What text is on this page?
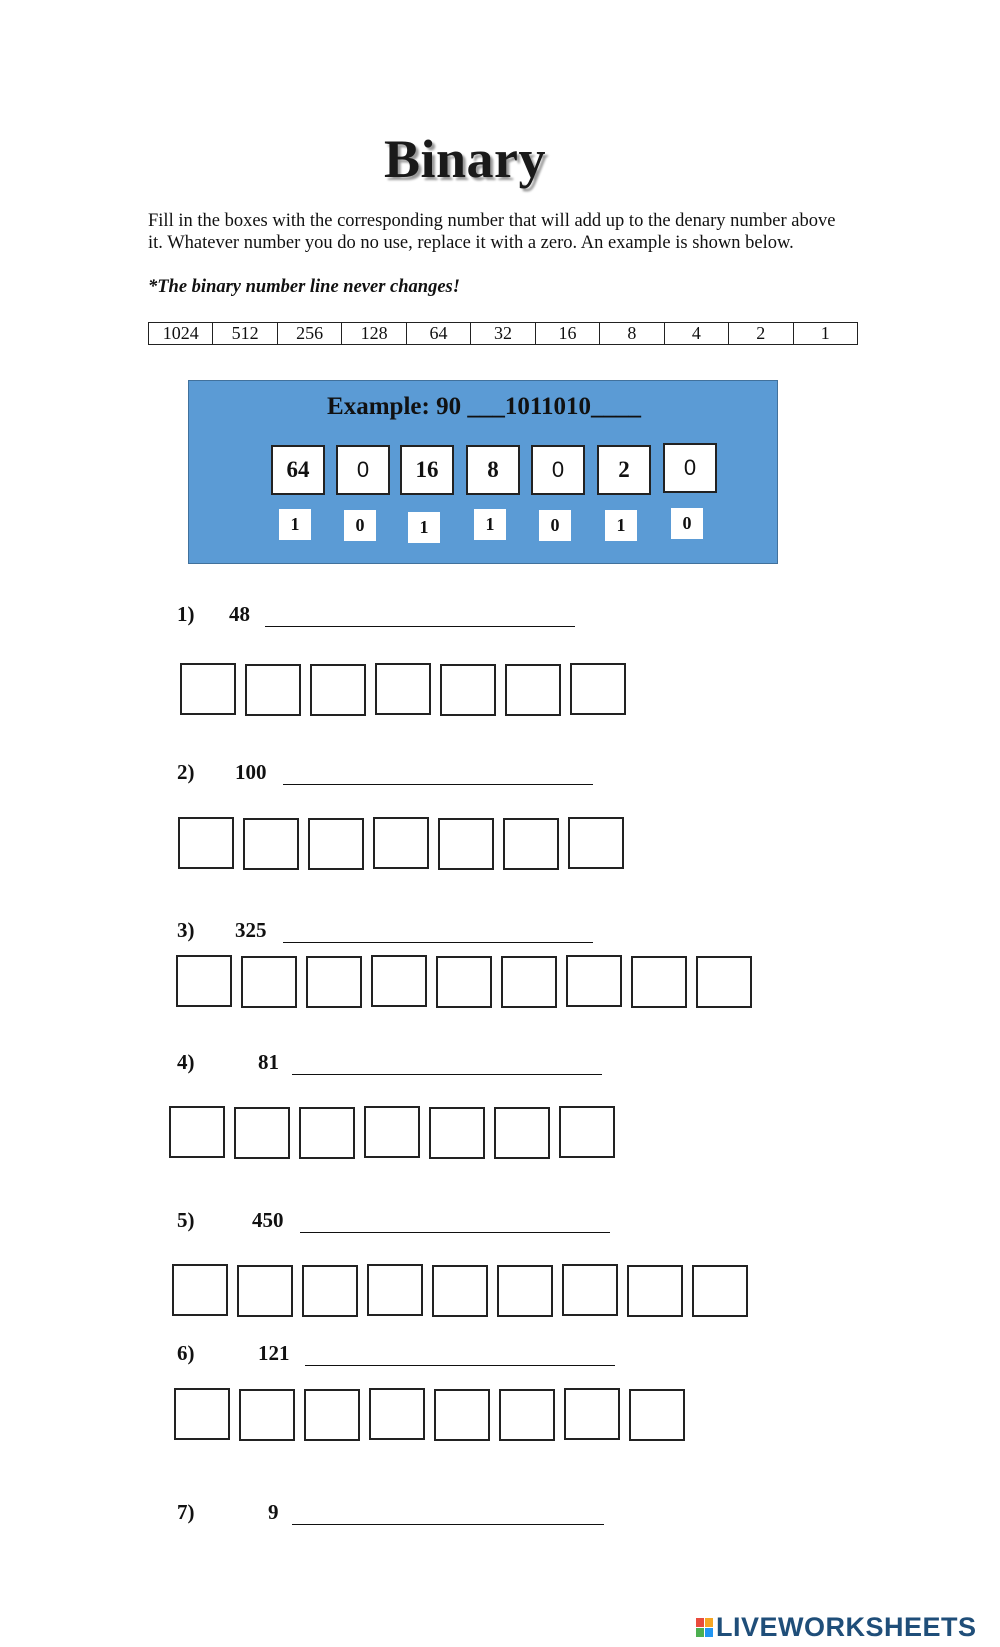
Binary
Fill in the boxes with the corresponding number that will add up to the denary number above it. Whatever number you do no use, replace it with a zero. An example is shown below.
*The binary number line never changes!
1024	512	256	128	64	32	16	8	4	2	1
Example: 90 ___1011010____
64	0	16	8	0	2	0
1	0	1	1	0	1	0
1) 48
2) 100
3) 325
4)	81
5)	450
6)	121
7)	9
LIVEWORKSHEETS
